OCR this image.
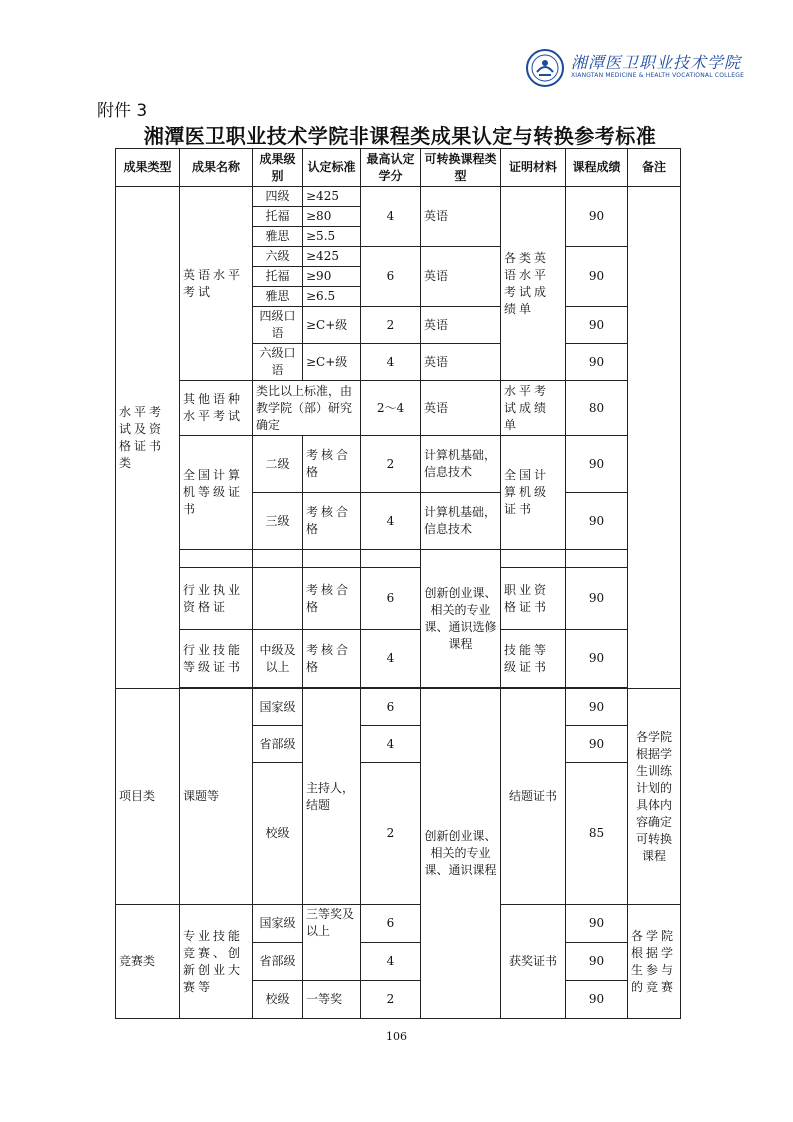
湘潭医卫职业技术学院
XIANGTAN MEDICINE & HEALTH VOCATIONAL COLLEGE
附件 3
湘潭医卫职业技术学院非课程类成果认定与转换参考标准
成果类型	成果名称	成果级别	认定标准	最高认定学分	可转换课程类型	证明材料	课程成绩	备注
水平考试及资格证书类	英语水平考试	四级	≥425	4	英语	各类英语水平考试成绩单	90	
		托福	≥80					
		雅思	≥5.5					
		六级	≥425	6	英语		90	
		托福	≥90					
		雅思	≥6.5					
		四级口语	≥C+级	2	英语		90	
		六级口语	≥C+级	4	英语		90	
	其他语种水平考试	类比以上标准，由教学院（部）研究确定		2～4	英语	水平考试成绩单	80	
	全国计算机等级证书	二级	考核合格	2	计算机基础，信息技术	全国计算机级证书	90	
		三级	考核合格	4	计算机基础，信息技术		90	
					创新创业课、相关的专业课、通识选修课程			
	行业执业资格证		考核合格	6		职业资格证书	90	
	行业技能等级证书	中级及以上	考核合格	4		技能等级证书	90	

项目类	课题等	国家级	主持人，结题	6	创新创业课、相关的专业课、通识课程	结题证书	90	各学院根据学生训练计划的具体内容确定可转换课程
		省部级		4			90	
		校级		2			85	
竞赛类	专业技能竞赛、创新创业大赛等	国家级	三等奖及以上	6		获奖证书	90	各学院根据学生参与的竞赛
		省部级		4			90	
		校级	一等奖	2			90	
106
